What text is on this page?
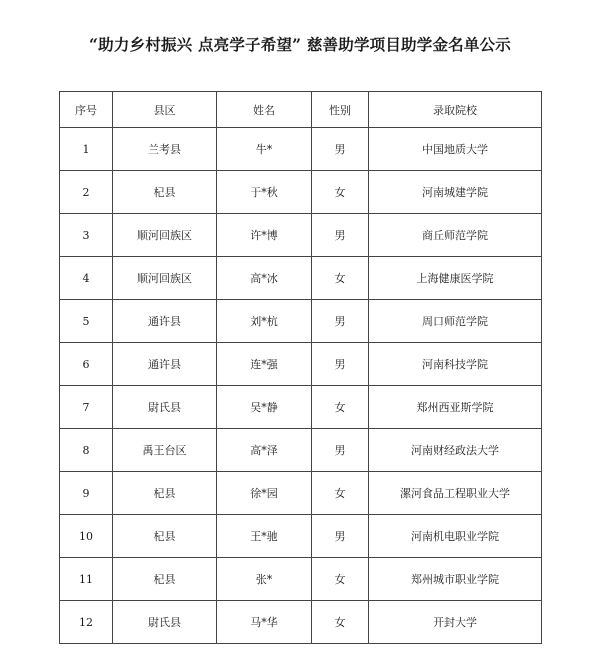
“助力乡村振兴 点亮学子希望” 慈善助学项目助学金名单公示
序号	县区	姓名	性别	录取院校
1	兰考县	牛*	男	中国地质大学
2	杞县	于*秋	女	河南城建学院
3	顺河回族区	许*博	男	商丘师范学院
4	顺河回族区	高*冰	女	上海健康医学院
5	通许县	刘*杭	男	周口师范学院
6	通许县	连*强	男	河南科技学院
7	尉氏县	吴*静	女	郑州西亚斯学院
8	禹王台区	高*泽	男	河南财经政法大学
9	杞县	徐*园	女	漯河食品工程职业大学
10	杞县	王*驰	男	河南机电职业学院
11	杞县	张*	女	郑州城市职业学院
12	尉氏县	马*华	女	开封大学
